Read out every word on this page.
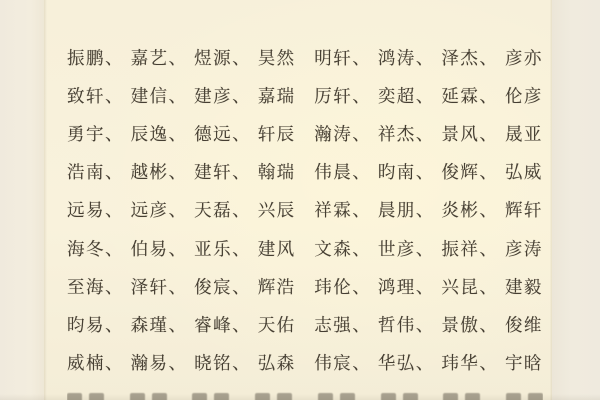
振鹏、 嘉艺、 煜源、 昊然 明轩、 鸿涛、 泽杰、 彦亦
致轩、 建信、 建彦、 嘉瑞 厉轩、 奕超、 延霖、 伦彦
勇宇、 辰逸、 德远、 轩辰 瀚涛、 祥杰、 景风、 晟亚
浩南、 越彬、 建轩、 翰瑞 伟晨、 昀南、 俊辉、 弘威
远易、 远彦、 天磊、 兴辰 祥霖、 晨朋、 炎彬、 辉轩
海冬、 伯易、 亚乐、 建风 文森、 世彦、 振祥、 彦涛
至海、 泽轩、 俊宸、 辉浩 玮伦、 鸿理、 兴昆、 建毅
昀易、 森瑾、 睿峰、 天佑 志强、 哲伟、 景傲、 俊维
威楠、 瀚易、 晓铭、 弘森 伟宸、 华弘、 玮华、 宇晗
